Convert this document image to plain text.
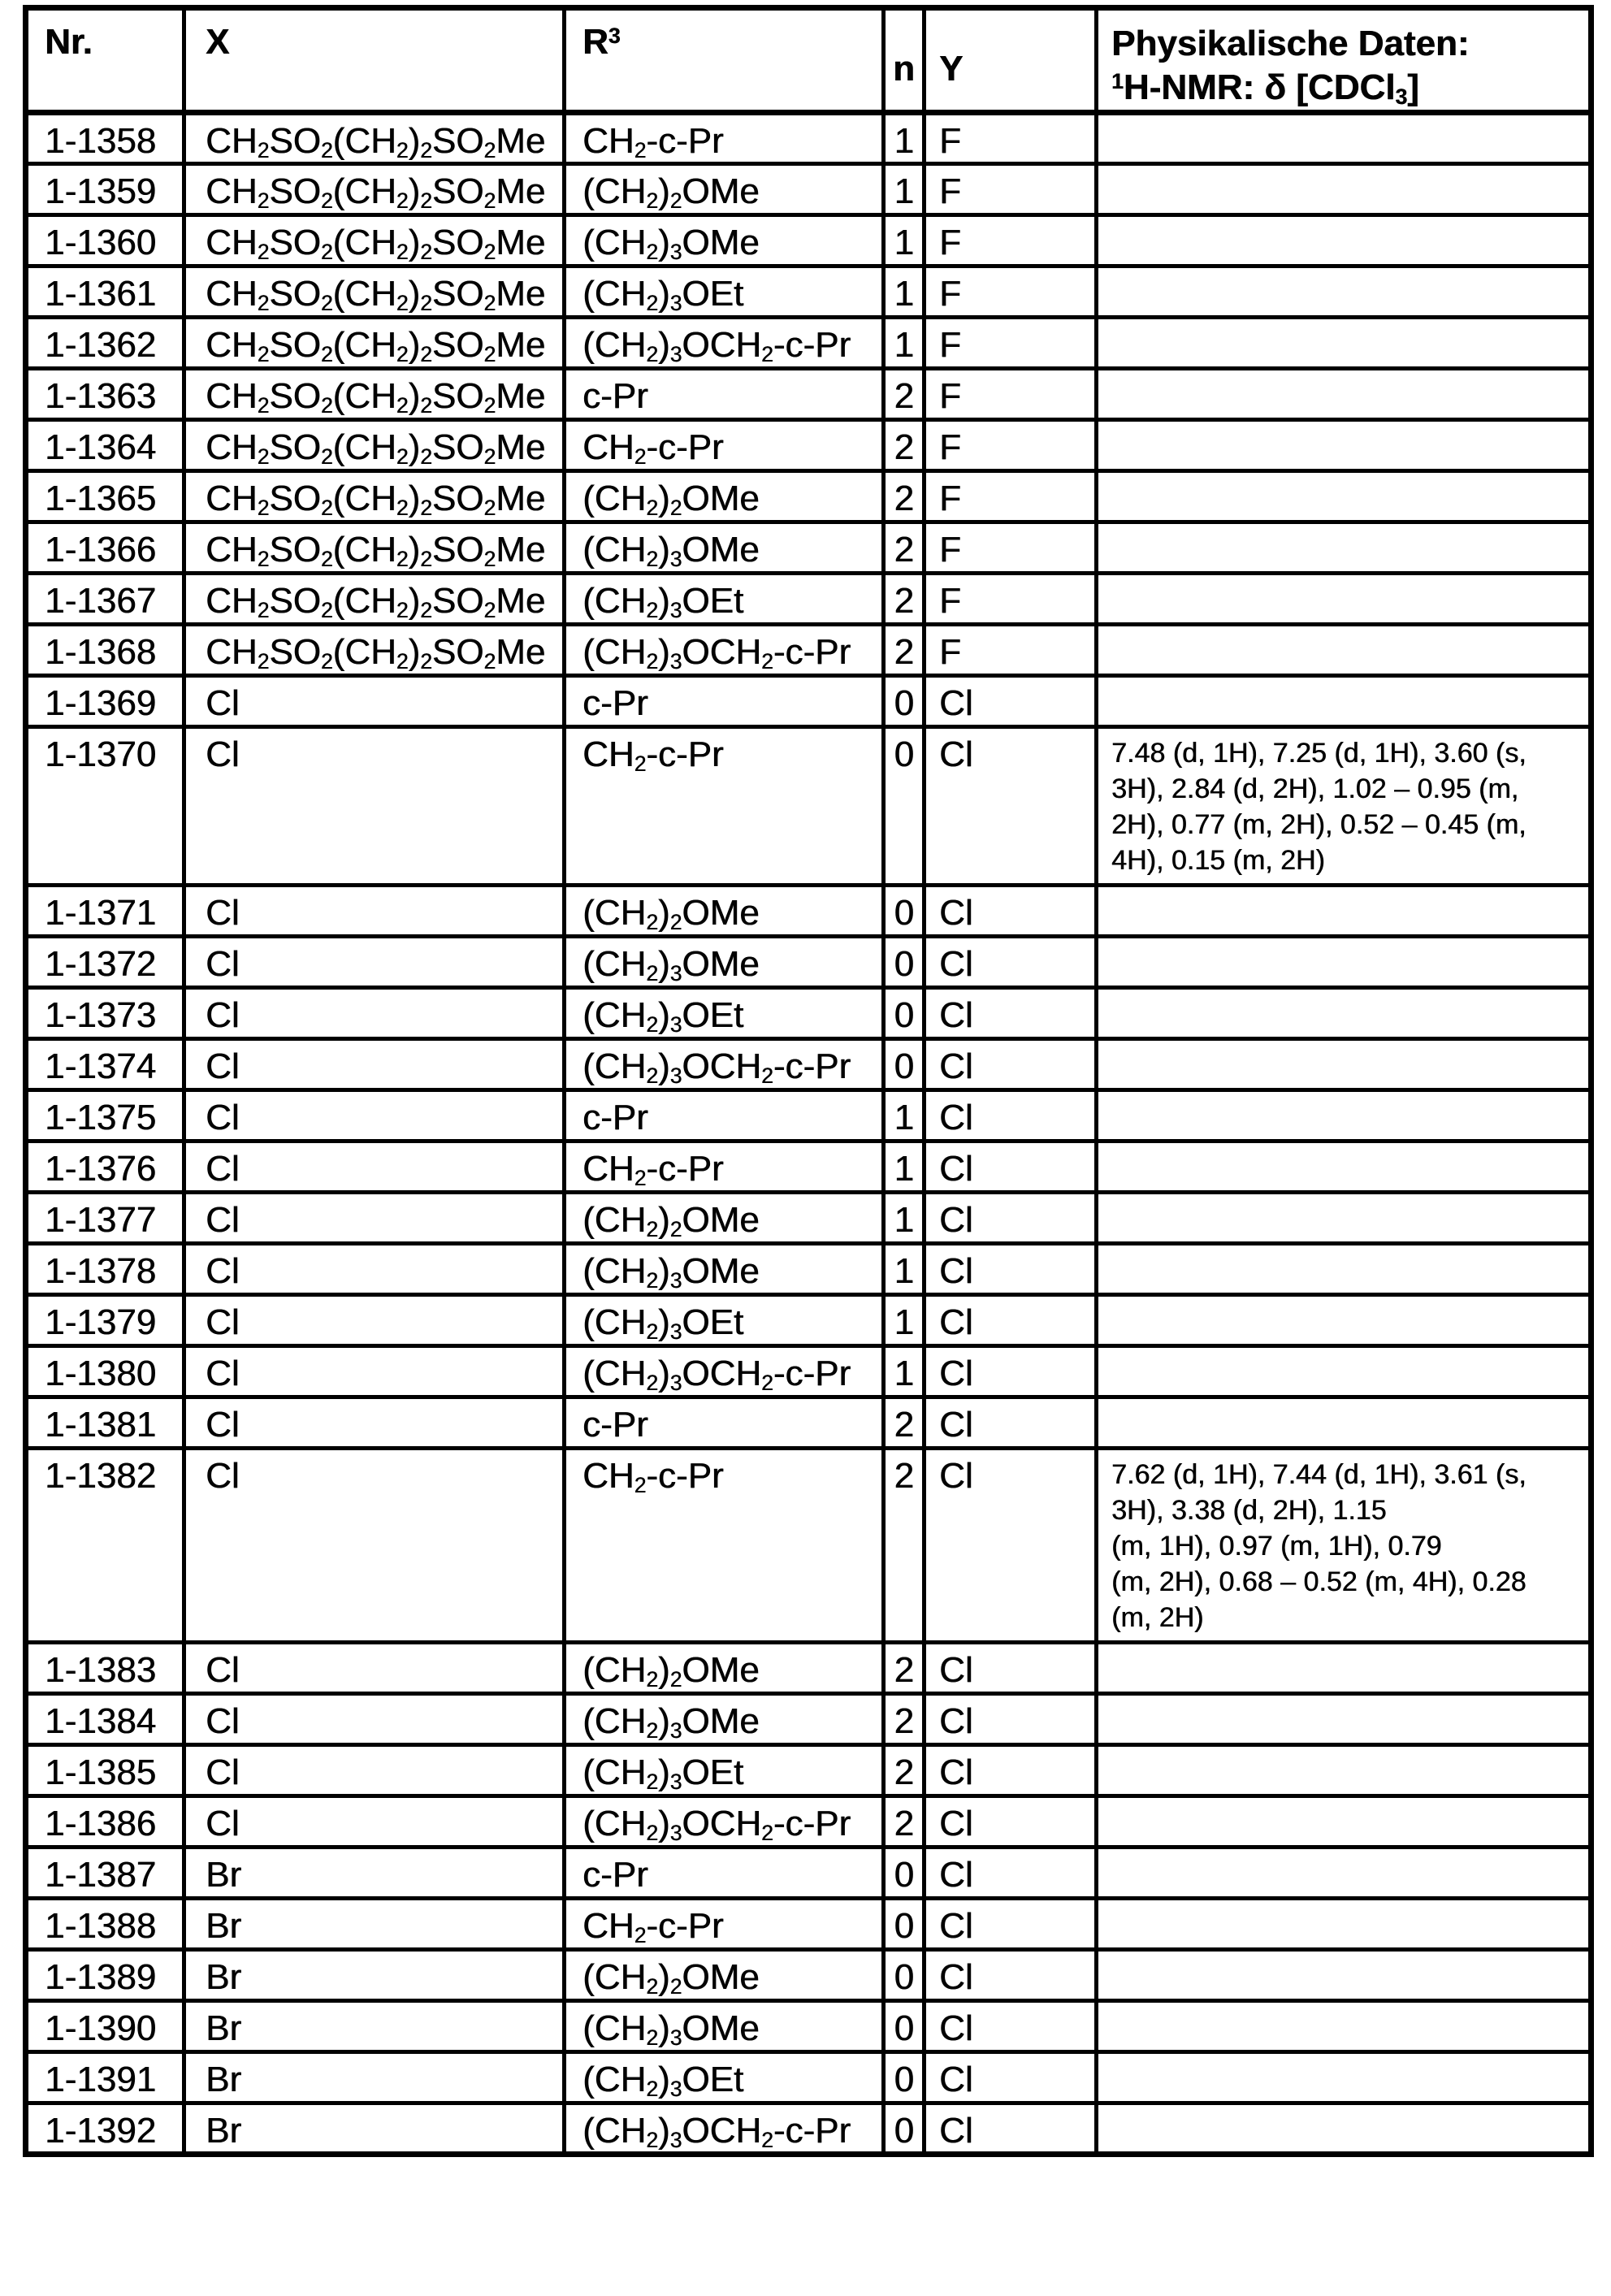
Nr.	X	$R^3$	n	Y	Physikalische Daten:
$^1$H-NMR: δ [CDCl$_3$]

1-1358	$CH_2SO_2(CH_2)_2SO_2Me$	$CH_2-c-Pr$	1	F	
1-1359	$CH_2SO_2(CH_2)_2SO_2Me$	$(CH_2)_2OMe$	1	F	
1-1360	$CH_2SO_2(CH_2)_2SO_2Me$	$(CH_2)_3OMe$	1	F	
1-1361	$CH_2SO_2(CH_2)_2SO_2Me$	$(CH_2)_3OEt$	1	F	
1-1362	$CH_2SO_2(CH_2)_2SO_2Me$	$(CH_2)_3OCH_2-c-Pr$	1	F	
1-1363	$CH_2SO_2(CH_2)_2SO_2Me$	c-Pr	2	F	
1-1364	$CH_2SO_2(CH_2)_2SO_2Me$	$CH_2-c-Pr$	2	F	
1-1365	$CH_2SO_2(CH_2)_2SO_2Me$	$(CH_2)_2OMe$	2	F	
1-1366	$CH_2SO_2(CH_2)_2SO_2Me$	$(CH_2)_3OMe$	2	F	
1-1367	$CH_2SO_2(CH_2)_2SO_2Me$	$(CH_2)_3OEt$	2	F	
1-1368	$CH_2SO_2(CH_2)_2SO_2Me$	$(CH_2)_3OCH_2-c-Pr$	2	F	
1-1369	Cl	c-Pr	0	Cl	
1-1370	Cl	$CH_2-c-Pr$	0	Cl	7.48 (d, 1H), 7.25 (d, 1H), 3.60 (s,
3H), 2.84 (d, 2H), 1.02 – 0.95 (m,
2H), 0.77 (m, 2H), 0.52 – 0.45 (m,
4H), 0.15 (m, 2H)
1-1371	Cl	$(CH_2)_2OMe$	0	Cl	
1-1372	Cl	$(CH_2)_3OMe$	0	Cl	
1-1373	Cl	$(CH_2)_3OEt$	0	Cl	
1-1374	Cl	$(CH_2)_3OCH_2-c-Pr$	0	Cl	
1-1375	Cl	c-Pr	1	Cl	
1-1376	Cl	$CH_2-c-Pr$	1	Cl	
1-1377	Cl	$(CH_2)_2OMe$	1	Cl	
1-1378	Cl	$(CH_2)_3OMe$	1	Cl	
1-1379	Cl	$(CH_2)_3OEt$	1	Cl	
1-1380	Cl	$(CH_2)_3OCH_2-c-Pr$	1	Cl	
1-1381	Cl	c-Pr	2	Cl	
1-1382	Cl	$CH_2-c-Pr$	2	Cl	7.62 (d, 1H), 7.44 (d, 1H), 3.61 (s,
3H), 3.38 (d, 2H), 1.15
(m, 1H), 0.97 (m, 1H), 0.79
(m, 2H), 0.68 – 0.52 (m, 4H), 0.28
(m, 2H)
1-1383	Cl	$(CH_2)_2OMe$	2	Cl	
1-1384	Cl	$(CH_2)_3OMe$	2	Cl	
1-1385	Cl	$(CH_2)_3OEt$	2	Cl	
1-1386	Cl	$(CH_2)_3OCH_2-c-Pr$	2	Cl	
1-1387	Br	c-Pr	0	Cl	
1-1388	Br	$CH_2-c-Pr$	0	Cl	
1-1389	Br	$(CH_2)_2OMe$	0	Cl	
1-1390	Br	$(CH_2)_3OMe$	0	Cl	
1-1391	Br	$(CH_2)_3OEt$	0	Cl	
1-1392	Br	$(CH_2)_3OCH_2-c-Pr$	0	Cl	
